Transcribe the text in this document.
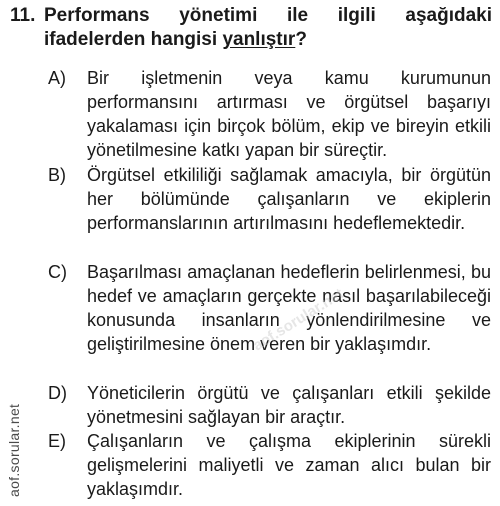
11. Performans yönetimi ile ilgili aşağıdaki ifadelerden hangisi yanlıştır?
A) Bir işletmenin veya kamu kurumunun performansını artırması ve örgütsel başarıyı yakalaması için birçok bölüm, ekip ve bireyin etkili yönetilmesine katkı yapan bir süreçtir.
B) Örgütsel etkililiği sağlamak amacıyla, bir örgütün her bölümünde çalışanların ve ekiplerin performanslarının artırılmasını hedeflemektedir.
C) Başarılması amaçlanan hedeflerin belirlenmesi, bu hedef ve amaçların gerçekte nasıl başarılabileceği konusunda insanların yönlendirilmesine ve geliştirilmesine önem veren bir yaklaşımdır.
D) Yöneticilerin örgütü ve çalışanları etkili şekilde yönetmesini sağlayan bir araçtır.
E) Çalışanların ve çalışma ekiplerinin sürekli gelişmelerini maliyetli ve zaman alıcı bulan bir yaklaşımdır.
aof.sorular.net
aof.sorular.net
